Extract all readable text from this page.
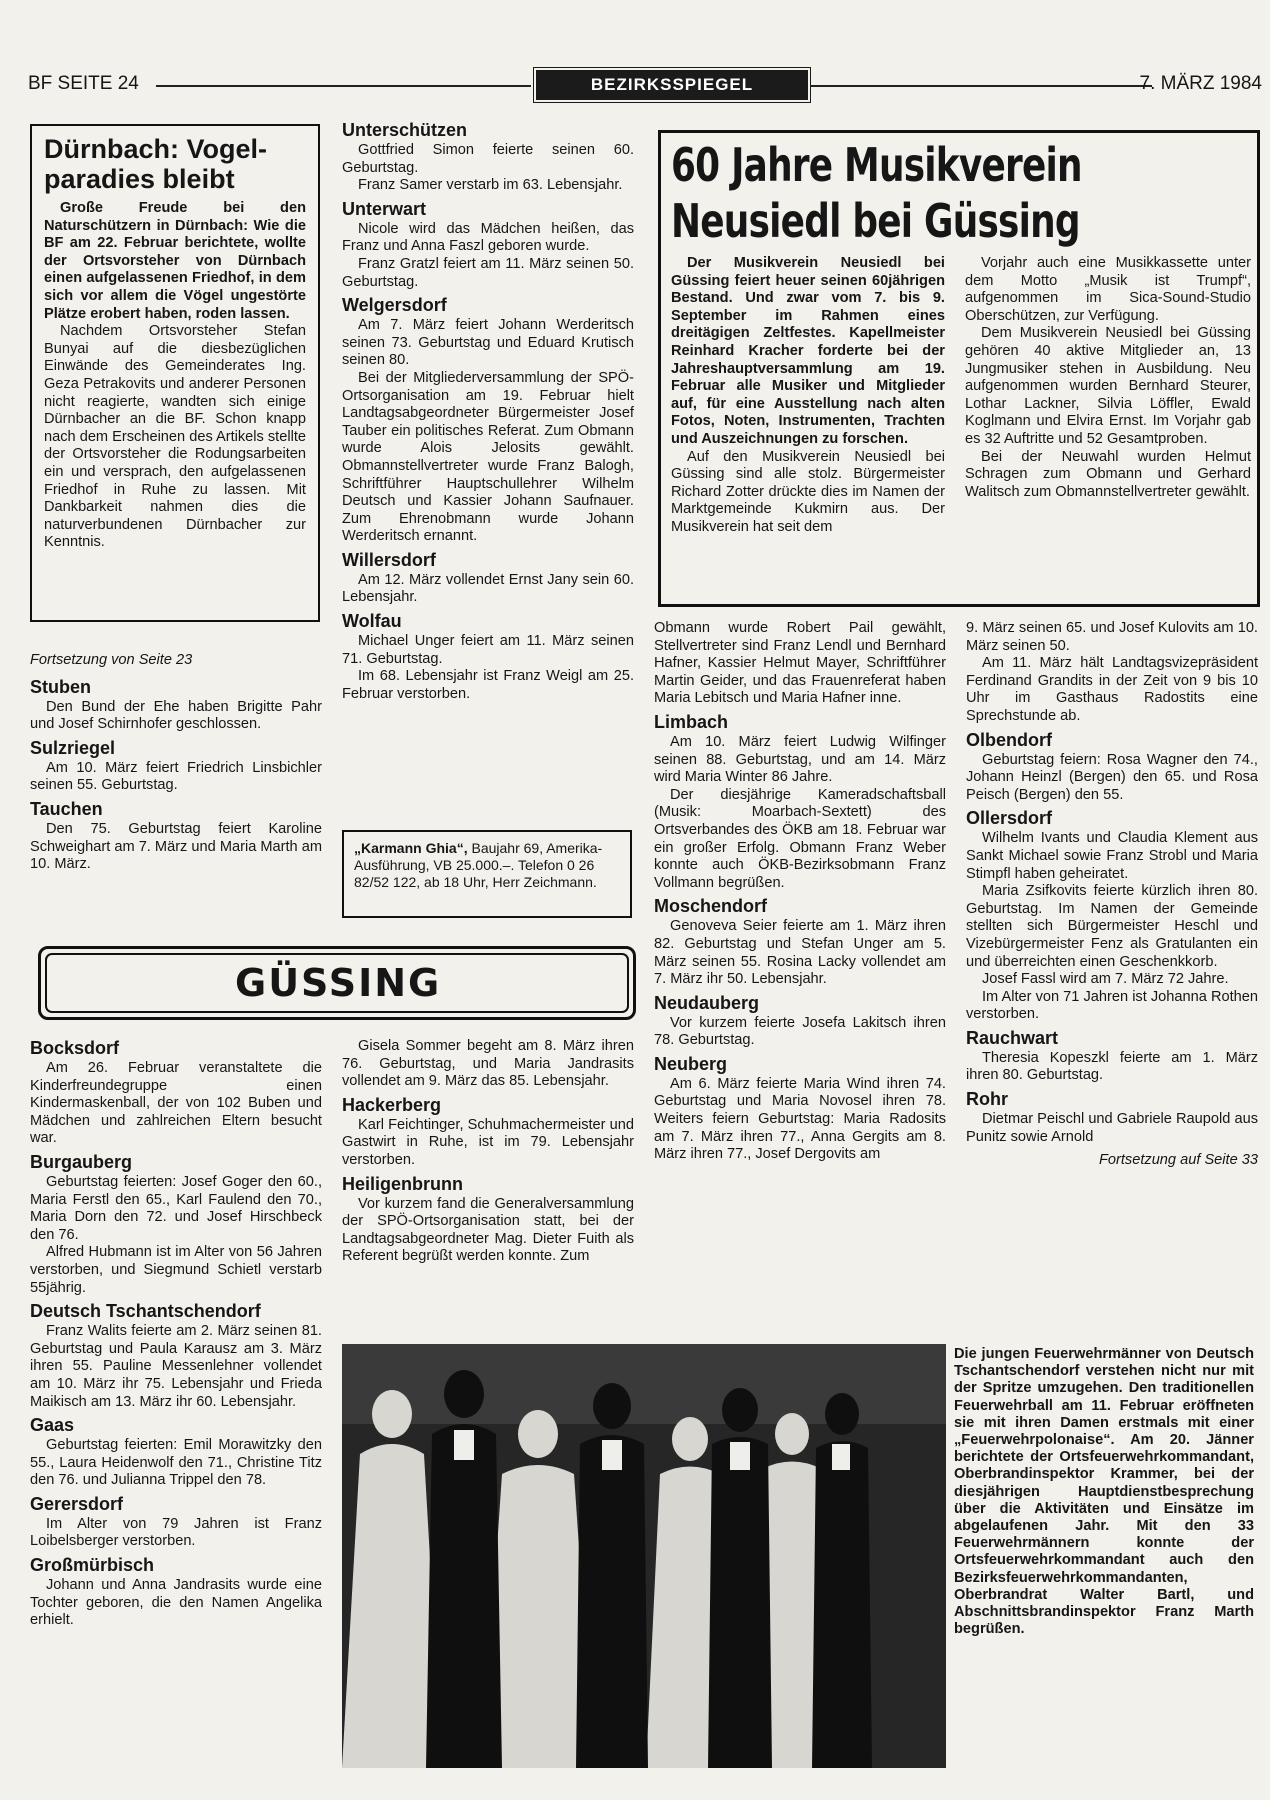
BF SEITE 24	BEZIRKSSPIEGEL	7. MÄRZ 1984
Dürnbach: Vogel-paradies bleibt

Große Freude bei den Naturschützern in Dürnbach: Wie die BF am 22. Februar berichtete, wollte der Ortsvorsteher von Dürnbach einen aufgelassenen Friedhof, in dem sich vor allem die Vögel ungestörte Plätze erobert haben, roden lassen.

Nachdem Ortsvorsteher Stefan Bunyai auf die diesbezüglichen Einwände des Gemeinderates Ing. Geza Petrakovits und anderer Personen nicht reagierte, wandten sich einige Dürnbacher an die BF. Schon knapp nach dem Erscheinen des Artikels stellte der Ortsvorsteher die Rodungsarbeiten ein und versprach, den aufgelassenen Friedhof in Ruhe zu lassen. Mit Dankbarkeit nahmen dies die naturverbundenen Dürnbacher zur Kenntnis.

Fortsetzung von Seite 23

Stuben

Den Bund der Ehe haben Brigitte Pahr und Josef Schirnhofer geschlossen.

Sulzriegel

Am 10. März feiert Friedrich Linsbichler seinen 55. Geburtstag.

Tauchen

Den 75. Geburtstag feiert Karoline Schweighart am 7. März und Maria Marth am 10. März.

Unterschützen

Gottfried Simon feierte seinen 60. Geburtstag.

Franz Samer verstarb im 63. Lebensjahr.

Unterwart

Nicole wird das Mädchen heißen, das Franz und Anna Faszl geboren wurde.

Franz Gratzl feiert am 11. März seinen 50. Geburtstag.

Welgersdorf

Am 7. März feiert Johann Werderitsch seinen 73. Geburtstag und Eduard Krutisch seinen 80.

Bei der Mitgliederversammlung der SPÖ-Ortsorganisation am 19. Februar hielt Landtagsabgeordneter Bürgermeister Josef Tauber ein politisches Referat. Zum Obmann wurde Alois Jelosits gewählt. Obmannstellvertreter wurde Franz Balogh, Schriftführer Hauptschullehrer Wilhelm Deutsch und Kassier Johann Saufnauer. Zum Ehrenobmann wurde Johann Werderitsch ernannt.

Willersdorf

Am 12. März vollendet Ernst Jany sein 60. Lebensjahr.

Wolfau

Michael Unger feiert am 11. März seinen 71. Geburtstag.

Im 68. Lebensjahr ist Franz Weigl am 25. Februar verstorben.

„Karmann Ghia“, Baujahr 69, Amerika-Ausführung, VB 25.000.–. Telefon 0 26 82/52 122, ab 18 Uhr, Herr Zeichmann.
60 Jahre Musikverein
Neusiedl bei Güssing

Der Musikverein Neusiedl bei Güssing feiert heuer seinen 60jährigen Bestand. Und zwar vom 7. bis 9. September im Rahmen eines dreitägigen Zeltfestes. Kapellmeister Reinhard Kracher forderte bei der Jahreshauptversammlung am 19. Februar alle Musiker und Mitglieder auf, für eine Ausstellung nach alten Fotos, Noten, Instrumenten, Trachten und Auszeichnungen zu forschen.

Auf den Musikverein Neusiedl bei Güssing sind alle stolz. Bürgermeister Richard Zotter drückte dies im Namen der Marktgemeinde Kukmirn aus. Der Musikverein hat seit dem

Vorjahr auch eine Musikkassette unter dem Motto „Musik ist Trumpf“, aufgenommen im Sica-Sound-Studio Oberschützen, zur Verfügung.

Dem Musikverein Neusiedl bei Güssing gehören 40 aktive Mitglieder an, 13 Jungmusiker stehen in Ausbildung. Neu aufgenommen wurden Bernhard Steurer, Lothar Lackner, Silvia Löffler, Ewald Koglmann und Elvira Ernst. Im Vorjahr gab es 32 Auftritte und 52 Gesamtproben.

Bei der Neuwahl wurden Helmut Schragen zum Obmann und Gerhard Walitsch zum Obmannstellvertreter gewählt.

Obmann wurde Robert Pail gewählt, Stellvertreter sind Franz Lendl und Bernhard Hafner, Kassier Helmut Mayer, Schriftführer Martin Geider, und das Frauenreferat haben Maria Lebitsch und Maria Hafner inne.

Limbach

Am 10. März feiert Ludwig Wilfinger seinen 88. Geburtstag, und am 14. März wird Maria Winter 86 Jahre.

Der diesjährige Kameradschaftsball (Musik: Moarbach-Sextett) des Ortsverbandes des ÖKB am 18. Februar war ein großer Erfolg. Obmann Franz Weber konnte auch ÖKB-Bezirksobmann Franz Vollmann begrüßen.

Moschendorf

Genoveva Seier feierte am 1. März ihren 82. Geburtstag und Stefan Unger am 5. März seinen 55. Rosina Lacky vollendet am 7. März ihr 50. Lebensjahr.

Neudauberg

Vor kurzem feierte Josefa Lakitsch ihren 78. Geburtstag.

Neuberg

Am 6. März feierte Maria Wind ihren 74. Geburtstag und Maria Novosel ihren 78. Weiters feiern Geburtstag: Maria Radosits am 7. März ihren 77., Anna Gergits am 8. März ihren 77., Josef Dergovits am

9. März seinen 65. und Josef Kulovits am 10. März seinen 50.

Am 11. März hält Landtagsvizepräsident Ferdinand Grandits in der Zeit von 9 bis 10 Uhr im Gasthaus Radostits eine Sprechstunde ab.

Olbendorf

Geburtstag feiern: Rosa Wagner den 74., Johann Heinzl (Bergen) den 65. und Rosa Peisch (Bergen) den 55.

Ollersdorf

Wilhelm Ivants und Claudia Klement aus Sankt Michael sowie Franz Strobl und Maria Stimpfl haben geheiratet.

Maria Zsifkovits feierte kürzlich ihren 80. Geburtstag. Im Namen der Gemeinde stellten sich Bürgermeister Heschl und Vizebürgermeister Fenz als Gratulanten ein und überreichten einen Geschenkkorb.

Josef Fassl wird am 7. März 72 Jahre.

Im Alter von 71 Jahren ist Johanna Rothen verstorben.

Rauchwart

Theresia Kopeszkl feierte am 1. März ihren 80. Geburtstag.

Rohr

Dietmar Peischl und Gabriele Raupold aus Punitz sowie Arnold

Fortsetzung auf Seite 33

GÜSSING
Bocksdorf

Am 26. Februar veranstaltete die Kinderfreundegruppe einen Kindermaskenball, der von 102 Buben und Mädchen und zahlreichen Eltern besucht war.

Burgauberg

Geburtstag feierten: Josef Goger den 60., Maria Ferstl den 65., Karl Faulend den 70., Maria Dorn den 72. und Josef Hirschbeck den 76.

Alfred Hubmann ist im Alter von 56 Jahren verstorben, und Siegmund Schietl verstarb 55jährig.

Deutsch Tschantschendorf

Franz Walits feierte am 2. März seinen 81. Geburtstag und Paula Karausz am 3. März ihren 55. Pauline Messenlehner vollendet am 10. März ihr 75. Lebensjahr und Frieda Maikisch am 13. März ihr 60. Lebensjahr.

Gaas

Geburtstag feierten: Emil Morawitzky den 55., Laura Heidenwolf den 71., Christine Titz den 76. und Julianna Trippel den 78.

Gerersdorf

Im Alter von 79 Jahren ist Franz Loibelsberger verstorben.

Großmürbisch

Johann und Anna Jandrasits wurde eine Tochter geboren, die den Namen Angelika erhielt.

Gisela Sommer begeht am 8. März ihren 76. Geburtstag, und Maria Jandrasits vollendet am 9. März das 85. Lebensjahr.

Hackerberg

Karl Feichtinger, Schuhmachermeister und Gastwirt in Ruhe, ist im 79. Lebensjahr verstorben.

Heiligenbrunn

Vor kurzem fand die Generalversammlung der SPÖ-Ortsorganisation statt, bei der Landtagsabgeordneter Mag. Dieter Fuith als Referent begrüßt werden konnte. Zum

Die jungen Feuerwehrmänner von Deutsch Tschantschendorf verstehen nicht nur mit der Spritze umzugehen. Den traditionellen Feuerwehrball am 11. Februar eröffneten sie mit ihren Damen erstmals mit einer „Feuerwehrpolonaise“. Am 20. Jänner berichtete der Ortsfeuerwehrkommandant, Oberbrandinspektor Krammer, bei der diesjährigen Hauptdienstbesprechung über die Aktivitäten und Einsätze im abgelaufenen Jahr. Mit den 33 Feuerwehrmännern konnte der Ortsfeuerwehrkommandant auch den Bezirksfeuerwehrkommandanten, Oberbrandrat Walter Bartl, und Abschnittsbrandinspektor Franz Marth begrüßen.
